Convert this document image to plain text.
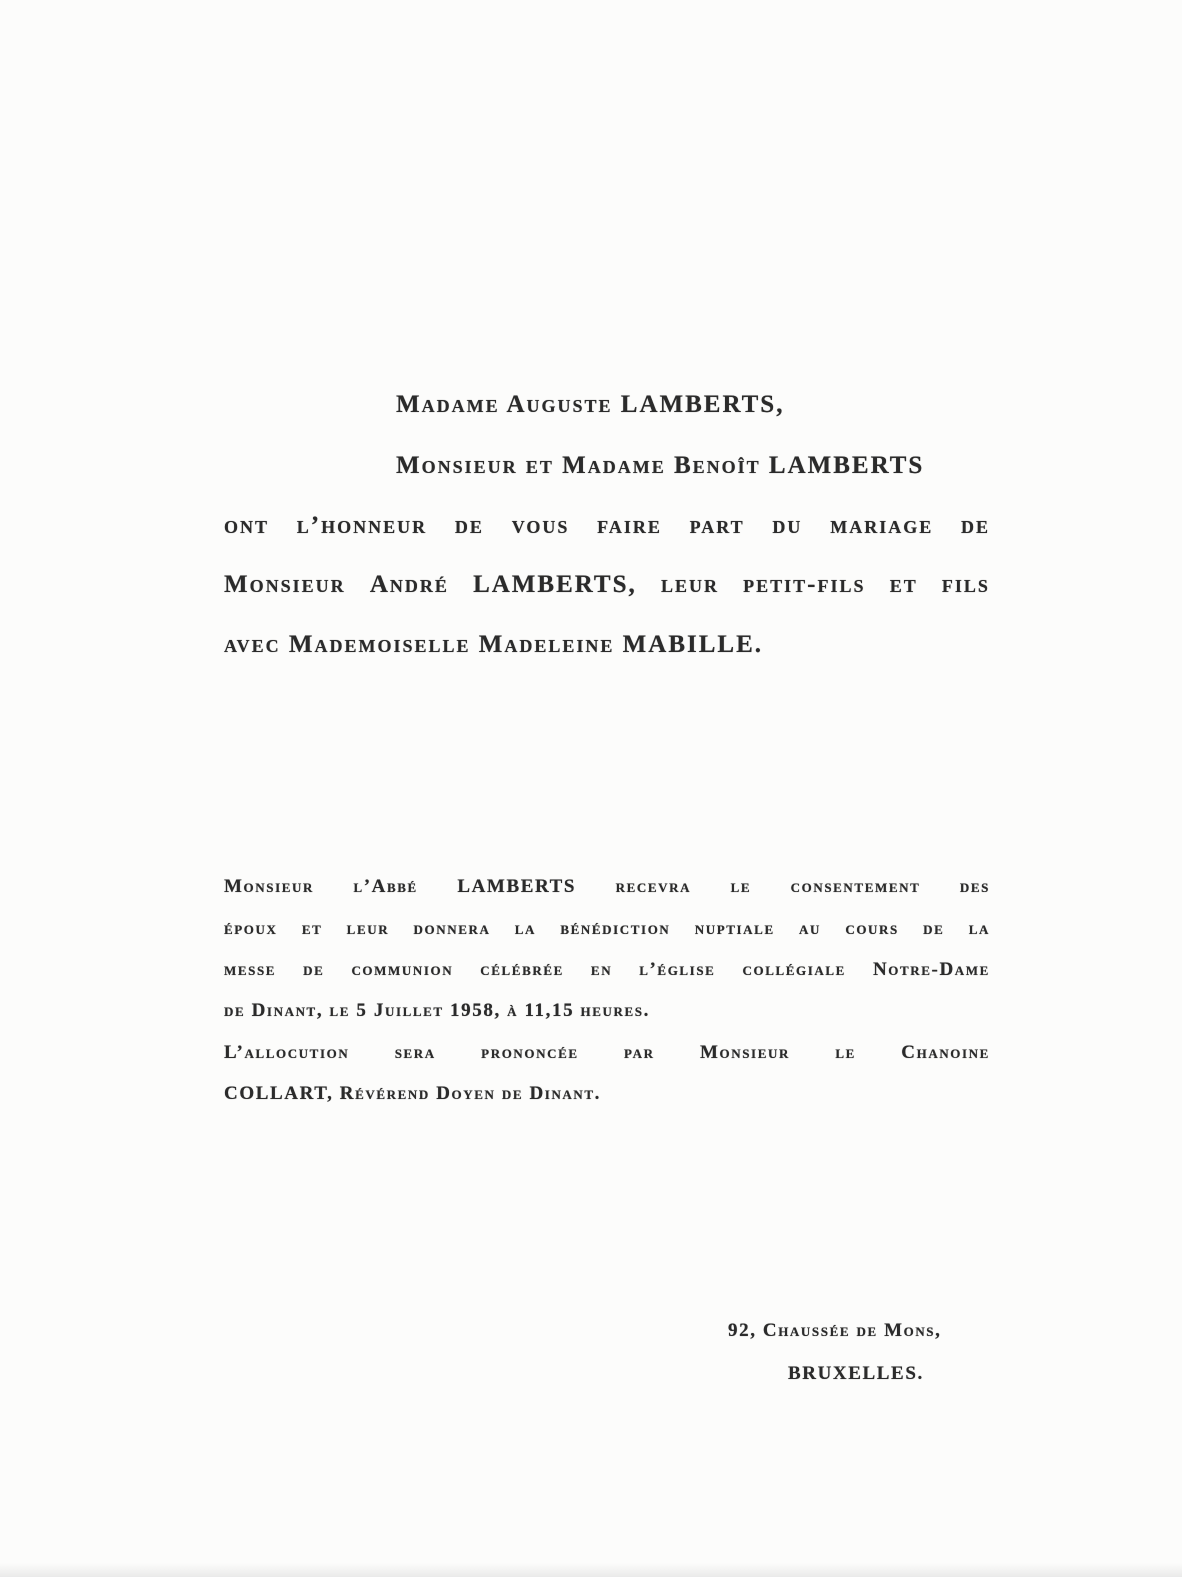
Madame Auguste LAMBERTS,
Monsieur et Madame Benoît LAMBERTS
ont l’honneur de vous faire part du mariage de
Monsieur André LAMBERTS, leur petit-fils et fils
avec Mademoiselle Madeleine MABILLE.
Monsieur l’Abbé LAMBERTS recevra le consentement des
époux et leur donnera la bénédiction nuptiale au cours de la
messe de communion célébrée en l’église collégiale Notre-Dame
de Dinant, le 5 Juillet 1958, à 11,15 heures.
L’allocution sera prononcée par Monsieur le Chanoine
COLLART, Révérend Doyen de Dinant.
92, Chaussée de Mons,
BRUXELLES.
